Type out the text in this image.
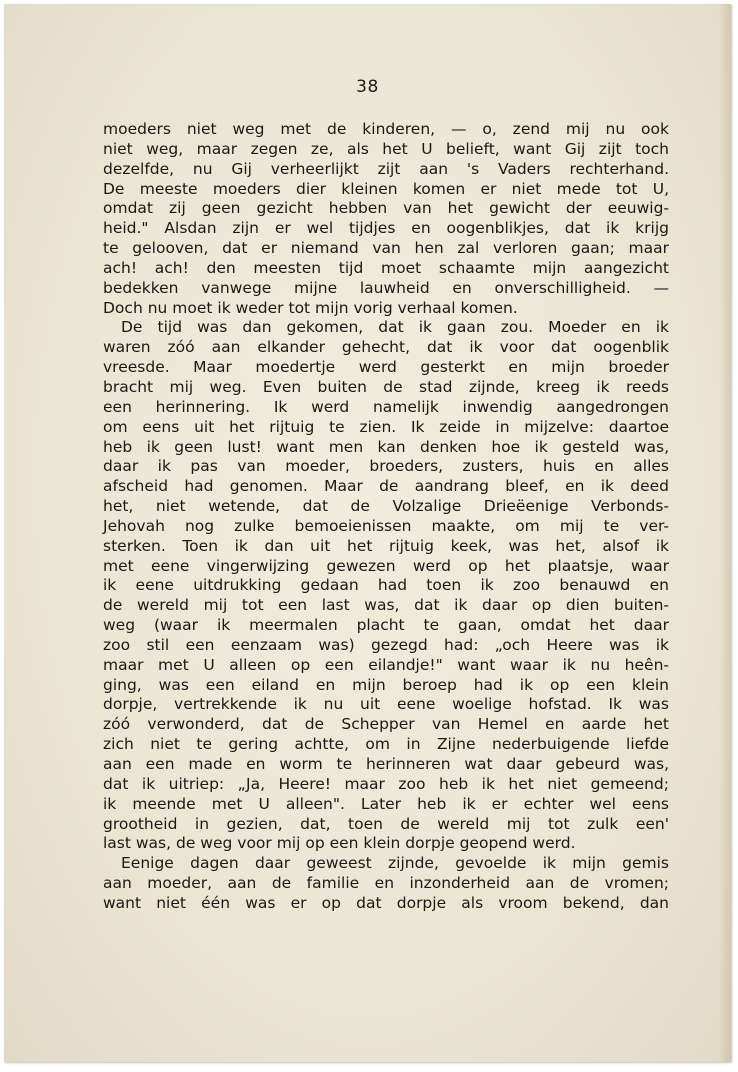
38
moeders niet weg met de kinderen, — o, zend mij nu ook
niet weg, maar zegen ze, als het U belieft, want Gij zijt toch
dezelfde, nu Gij verheerlijkt zijt aan 's Vaders rechterhand.
De meeste moeders dier kleinen komen er niet mede tot U,
omdat zij geen gezicht hebben van het gewicht der eeuwig-
heid." Alsdan zijn er wel tijdjes en oogenblikjes, dat ik krijg
te gelooven, dat er niemand van hen zal verloren gaan; maar
ach! ach! den meesten tijd moet schaamte mijn aangezicht
bedekken vanwege mijne lauwheid en onverschilligheid. —
Doch nu moet ik weder tot mijn vorig verhaal komen.
De tijd was dan gekomen, dat ik gaan zou. Moeder en ik
waren zóó aan elkander gehecht, dat ik voor dat oogenblik
vreesde. Maar moedertje werd gesterkt en mijn broeder
bracht mij weg. Even buiten de stad zijnde, kreeg ik reeds
een herinnering. Ik werd namelijk inwendig aangedrongen
om eens uit het rijtuig te zien. Ik zeide in mijzelve: daartoe
heb ik geen lust! want men kan denken hoe ik gesteld was,
daar ik pas van moeder, broeders, zusters, huis en alles
afscheid had genomen. Maar de aandrang bleef, en ik deed
het, niet wetende, dat de Volzalige Drieëenige Verbonds-
Jehovah nog zulke bemoeienissen maakte, om mij te ver-
sterken. Toen ik dan uit het rijtuig keek, was het, alsof ik
met eene vingerwijzing gewezen werd op het plaatsje, waar
ik eene uitdrukking gedaan had toen ik zoo benauwd en
de wereld mij tot een last was, dat ik daar op dien buiten-
weg (waar ik meermalen placht te gaan, omdat het daar
zoo stil een eenzaam was) gezegd had: „och Heere was ik
maar met U alleen op een eilandje!" want waar ik nu heên-
ging, was een eiland en mijn beroep had ik op een klein
dorpje, vertrekkende ik nu uit eene woelige hofstad. Ik was
zóó verwonderd, dat de Schepper van Hemel en aarde het
zich niet te gering achtte, om in Zijne nederbuigende liefde
aan een made en worm te herinneren wat daar gebeurd was,
dat ik uitriep: „Ja, Heere! maar zoo heb ik het niet gemeend;
ik meende met U alleen". Later heb ik er echter wel eens
grootheid in gezien, dat, toen de wereld mij tot zulk een'
last was, de weg voor mij op een klein dorpje geopend werd.
Eenige dagen daar geweest zijnde, gevoelde ik mijn gemis
aan moeder, aan de familie en inzonderheid aan de vromen;
want niet één was er op dat dorpje als vroom bekend, dan
